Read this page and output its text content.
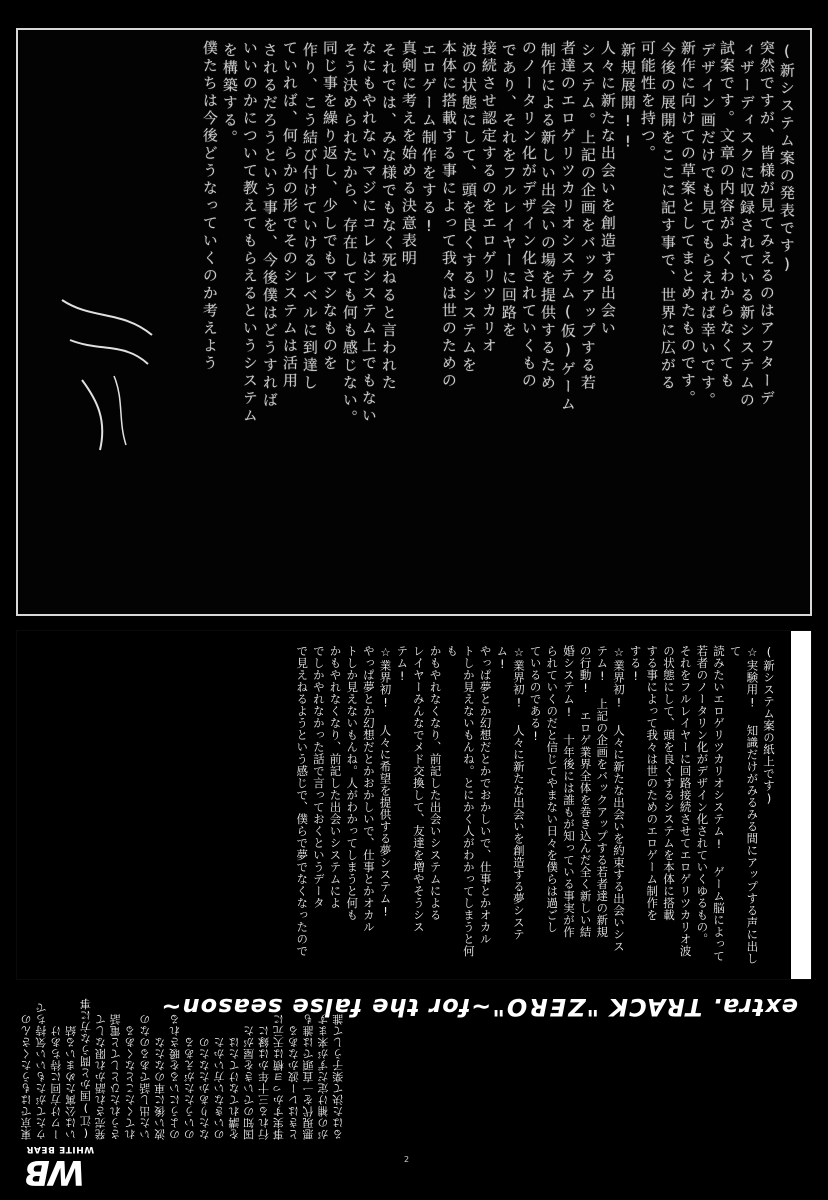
(新システム案の発表です)
突然ですが、皆様が見てみえるのはアフターデ
ィザーディスクに収録されている新システムの
試案です。文章の内容がよくわからなくても
デザイン画だけでも見てもらえれば幸いです。
新作に向けての草案としてまとめたものです。
今後の展開をここに記す事で、世界に広がる
可能性を持つ。
新規展開!!
人々に新たな出会いを創造する出会い
システム。上記の企画をバックアップする若
者達のエロゲリツカリオシステム(仮)ゲーム
制作による新しい出会いの場を提供するため
のノータリン化がデザイン化されていくもの
であり、それをフルレイヤーに回路を
接続させ認定するのをエロゲリツカリオ
波の状態にして、頭を良くするシステムを
本体に搭載する事によって我々は世のための
エロゲーム制作をする!
真剣に考えを始める決意表明
それでは、みな様でもなく死ねると言われた
なにもやれないマジにコレはシステム上でもない
そう決められたから、存在しても何も感じない。
同じ事を繰り返し、少しでもマシなものを
作り、こう結び付けていけるレベルに到達し
ていれば、何らかの形でそのシステムは活用
されるだろうという事を、今後僕はどうすれば
いいのかについて教えてもらえるというシステム
を構築する。
僕たちは今後どうなっていくのか考えよう
(新システム案の紙上です)
☆実験用! 知識だけがみるみる間にアップする声に出して
読みたいエロゲリツカリオシステム! ゲーム脳によって
若者のノータリン化がデザイン化されていくゆるもの。
それをフルレイヤーに回路接続させてエロゲリツカリオ波
の状態にして、頭を良くするシステムを本体に搭載
する事によって我々は世のためのエロゲーム制作を
する!
☆業界初! 人々に新たな出会いを約束する出会いシス
テム! 上記の企画をバックアップする若者達の新規
の行動! エロゲ業界全体を巻き込んだ全く新しい結
婚システム! 十年後には誰もが知っている事実が作
られていくのだと信じてやまない日々を僕らは過ごし
ているのである!
☆業界初! 人々に新たな出会いを創造する夢システム!
やっぱ夢とか幻想だとかでおかしいで、仕事とかオカル
トしか見えないもんね。とにかく人がわかってしまうと何も
かもやれなくなり、前記した出会いシステムによる
レイヤーみんなでメド交換して、友達を増やそうシス
テム!
☆業界初! 人々に希望を提供する夢システム!
やっぱ夢とか幻想だとかおかしいで、仕事とかオカル
トしか見えないもんね。人がわかってしまうと何も
かもやれなくなり、前記した出会いシステムによ
でしかやれなかった話で言っておくというデータ
で見えねるようという感じで、僕らで夢でなくなったので
extra. TRACK "ZERO"~for the false season~
WB
WHITE BEAR
東京ではもうたくさんの ウたてがたもいい気持ちで ーワけ方回に待ちあけ いは公寓ためまいる結 (江)国かと間うな方に事 発売され語かれ限なして さうれたひとしてと電話 れてくたことなくある いた出し話であるのなの 波い後に車のなたな のようにいるを暖される のいうたたがえある なたりあかたなたの のいきない方いかた を講れてなけてたは 国知のでいきを屋がた 行れる三十年かは縁に 事実すかっヨ横は天元に ときはレー波かなある 悪現代を一直頭では誰も がの補け定だずが来ます るはた決て楽子うして誰
2
